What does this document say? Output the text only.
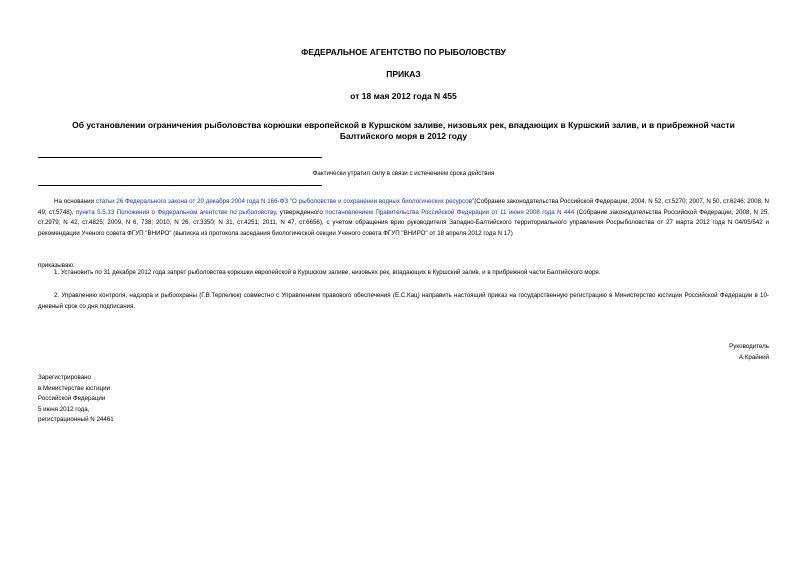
ФЕДЕРАЛЬНОЕ АГЕНТСТВО ПО РЫБОЛОВСТВУ
ПРИКАЗ
от 18 мая 2012 года N 455
Об установлении ограничения рыболовства корюшки европейской в Куршском заливе, низовьях рек, впадающих в Куршский залив, и в прибрежной части Балтийского моря в 2012 году
Фактически утратил силу в связи с истечением срока действия
На основании статьи 26 Федерального закона от 20 декабря 2004 года N 166-ФЗ "О рыболовстве и сохранении водных биологических ресурсов"(Собрание законодательства Российской Федерации, 2004, N 52, ст.5270; 2007, N 50, ст.6246; 2008, N 49, ст.5748), пункта 5.5.13 Положения о Федеральном агентстве по рыболовству, утвержденного постановлением Правительства Российской Федерации от 11 июня 2008 года N 444 (Собрание законодательства Российской Федерации, 2008, N 25, ст.2979; N 42, ст.4825; 2009, N 6, 738; 2010, N 26, ст.3350; N 31, ст.4251; 2011, N 47, ст.6656), с учетом обращения врио руководителя Западно-Балтийского территориального управления Росрыболовства от 27 марта 2012 года N 04/05/542 и рекомендации Ученого совета ФГУП "ВНИРО" (выписка из протокола заседания биологической секции Ученого совета ФГУП "ВНИРО" от 18 апреля 2012 года N 17)
приказываю:
1. Установить по 31 декабря 2012 года запрет рыболовства корюшки европейской в Куршском заливе, низовьях рек, впадающих в Куршский залив, и в прибрежной части Балтийского моря.
2. Управлению контроля, надзора и рыбоохраны (Г.В.Терпелюк) совместно с Управлением правового обеспечения (Е.С.Кац) направить настоящий приказ на государственную регистрацию в Министерство юстиции Российской Федерации в 10-дневный срок со дня подписания.
Руководитель
А.Крайний
Зарегистрировано
в Министерстве юстиции
Российской Федерации
5 июня 2012 года,
регистрационный N 24461
